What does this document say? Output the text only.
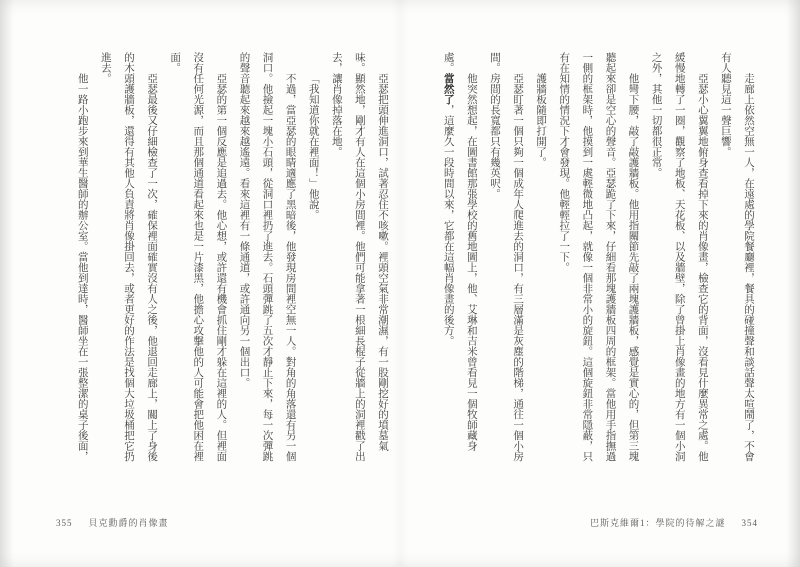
亞瑟把頭伸進洞口，試著忍住不咳嗽。裡頭空氣非常潮濕，有一股剛挖好的墳墓氣味。顯然地，剛才有人在這個小房間裡。他們可能拿著一根細長棍子從牆上的洞裡戳了出去，讓肖像掉落在地。

「我知道你就在裡面！」他說。

不過，當亞瑟的眼睛適應了黑暗後，他發現房間裡空無一人。對角的角落還有另一個洞口。他撿起一塊小石頭，從洞口裡扔了進去。石頭彈跳了五次才靜止下來，每一次彈跳的聲音聽起來越來越遙遠。看來這裡有一條通道，或許通向另一個出口。

亞瑟的第一個反應是追過去。他心想，或許還有機會抓住剛才躲在這裡的人。但裡面沒有任何光源，而且那個通道看起來也是一片漆黑，他擔心攻擊他的人可能會把他困在裡面。

亞瑟最後又仔細檢查了一次，確保裡面確實沒有人之後，他退回走廊上，關上了身後的木頭護牆板，還得有其他人負責將肖像掛回去，或者更好的作法是找個大垃圾桶把它扔進去。

他一路小跑步來到華生醫師的辦公室。當他到達時，醫師坐在一張整潔的桌子後面，

355 貝克勳爵的肖像畫

走廊上依然空無一人，在遠處的學院餐廳裡，餐具的碰撞聲和談話聲太喧鬧了，不會有人聽見這一聲巨響。

亞瑟小心翼翼地俯身查看掉下來的肖像畫，檢查它的背面，沒看見什麼異常之處。他緩慢地轉了一圈，觀察了地板、天花板、以及牆壁，除了曾掛上肖像畫的地方有一個小洞之外，其他一切都很正常。

他彎下腰，敲了敲護牆板。他用指關節先敲了兩塊護牆板，感覺是實心的，但第三塊聽起來卻是空心的聲音。亞瑟跪了下來，仔細看那塊護牆板四周的框架。當他用手指撫過一側的框架時，他摸到一處輕微地凸起，就像一個非常小的旋鈕。這個旋鈕非常隱蔽，只有在知情的情況下才會發現。他輕輕拉了一下。

護牆板隨即打開了。

亞瑟盯著一個只夠一個成年人爬進去的洞口，有三層滿是灰塵的階梯，通往一個小房間。房間的長寬都只有幾英呎。

他突然想起，在圖書館那張學校的舊地圖上，他、艾琳和吉米曾看見一個牧師藏身處。當然了，這麼久一段時間以來，它都在這幅肖像畫的後方。

巴斯克維爾1：學院的待解之謎 354
